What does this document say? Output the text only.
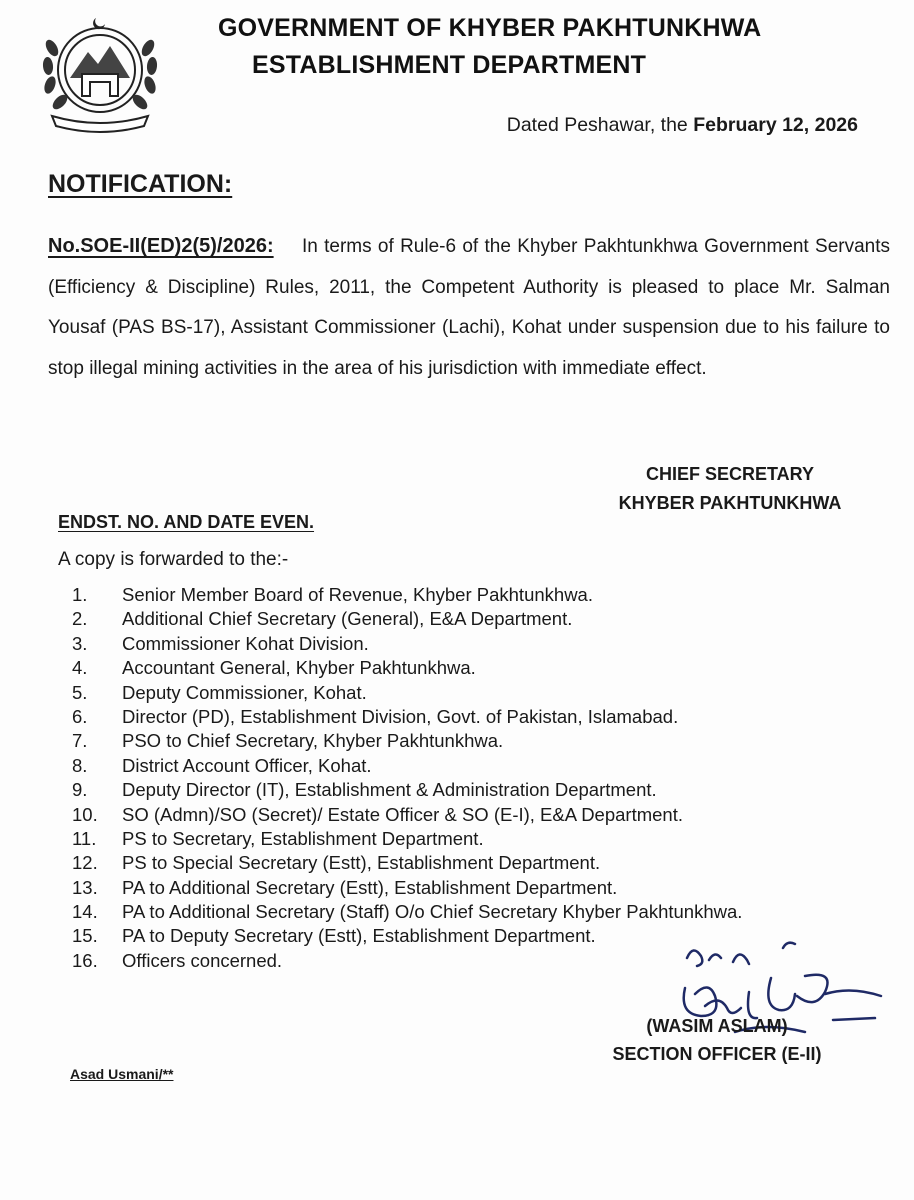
GOVERNMENT OF KHYBER PAKHTUNKHWA
ESTABLISHMENT DEPARTMENT
Dated Peshawar, the February 12, 2026
NOTIFICATION:
No.SOE-II(ED)2(5)/2026: In terms of Rule-6 of the Khyber Pakhtunkhwa Government Servants (Efficiency & Discipline) Rules, 2011, the Competent Authority is pleased to place Mr. Salman Yousaf (PAS BS-17), Assistant Commissioner (Lachi), Kohat under suspension due to his failure to stop illegal mining activities in the area of his jurisdiction with immediate effect.
CHIEF SECRETARY
KHYBER PAKHTUNKHWA
ENDST. NO. AND DATE EVEN.
A copy is forwarded to the:-
1.	Senior Member Board of Revenue, Khyber Pakhtunkhwa.
2.	Additional Chief Secretary (General), E&A Department.
3.	Commissioner Kohat Division.
4.	Accountant General, Khyber Pakhtunkhwa.
5.	Deputy Commissioner, Kohat.
6.	Director (PD), Establishment Division, Govt. of Pakistan, Islamabad.
7.	PSO to Chief Secretary, Khyber Pakhtunkhwa.
8.	District Account Officer, Kohat.
9.	Deputy Director (IT), Establishment & Administration Department.
10.	SO (Admn)/SO (Secret)/ Estate Officer & SO (E-I), E&A Department.
11.	PS to Secretary, Establishment Department.
12.	PS to Special Secretary (Estt), Establishment Department.
13.	PA to Additional Secretary (Estt), Establishment Department.
14.	PA to Additional Secretary (Staff) O/o Chief Secretary Khyber Pakhtunkhwa.
15.	PA to Deputy Secretary (Estt), Establishment Department.
16.	Officers concerned.
(WASIM ASLAM)
SECTION OFFICER (E-II)
Asad Usmani/**
